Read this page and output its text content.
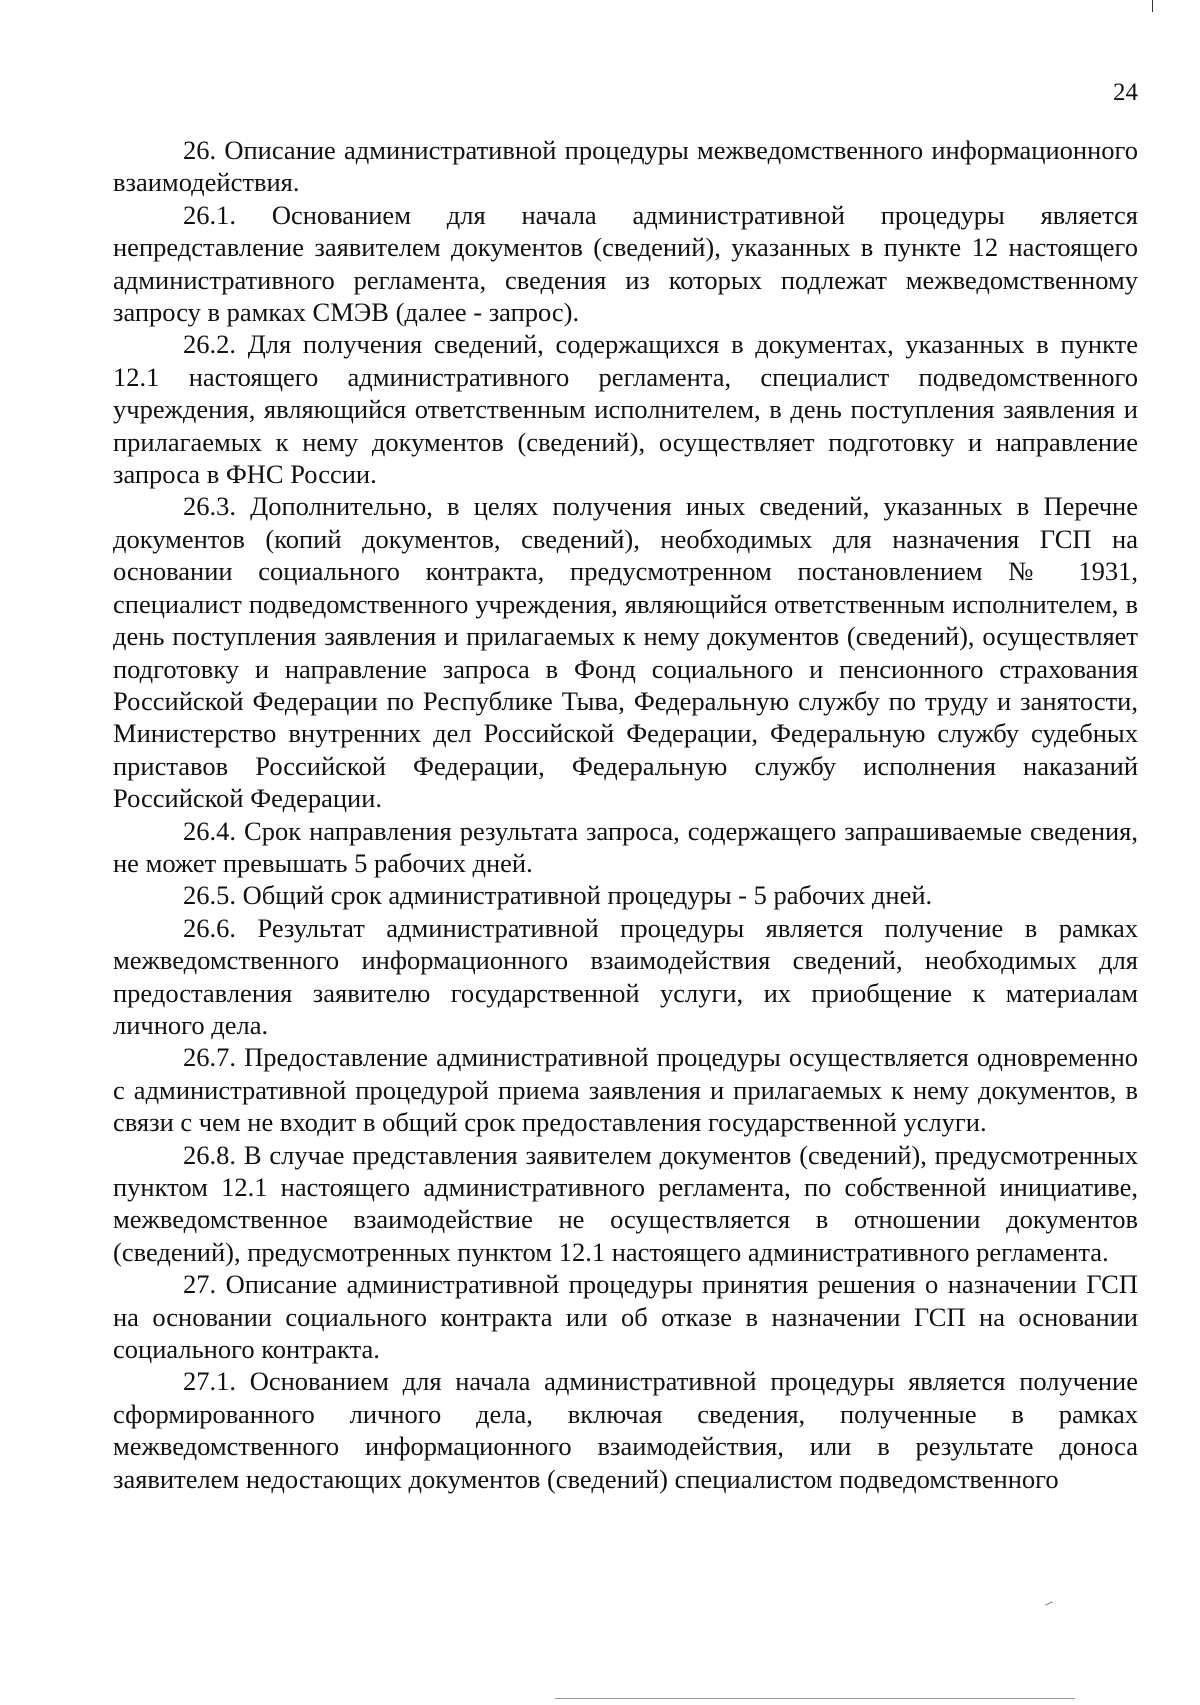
24

26. Описание административной процедуры межведомственного информационного взаимодействия.

26.1. Основанием для начала административной процедуры является непредставление заявителем документов (сведений), указанных в пункте 12 настоящего административного регламента, сведения из которых подлежат межведомственному запросу в рамках СМЭВ (далее - запрос).

26.2. Для получения сведений, содержащихся в документах, указанных в пункте 12.1 настоящего административного регламента, специалист подведомственного учреждения, являющийся ответственным исполнителем, в день поступления заявления и прилагаемых к нему документов (сведений), осуществляет подготовку и направление запроса в ФНС России.

26.3. Дополнительно, в целях получения иных сведений, указанных в Перечне документов (копий документов, сведений), необходимых для назначения ГСП на основании социального контракта, предусмотренном постановлением № 1931, специалист подведомственного учреждения, являющийся ответственным исполнителем, в день поступления заявления и прилагаемых к нему документов (сведений), осуществляет подготовку и направление запроса в Фонд социального и пенсионного страхования Российской Федерации по Республике Тыва, Федеральную службу по труду и занятости, Министерство внутренних дел Российской Федерации, Федеральную службу судебных приставов Российской Федерации, Федеральную службу исполнения наказаний Российской Федерации.

26.4. Срок направления результата запроса, содержащего запрашиваемые сведения, не может превышать 5 рабочих дней.

26.5. Общий срок административной процедуры - 5 рабочих дней.

26.6. Результат административной процедуры является получение в рамках межведомственного информационного взаимодействия сведений, необходимых для предоставления заявителю государственной услуги, их приобщение к материалам личного дела.

26.7. Предоставление административной процедуры осуществляется одновременно с административной процедурой приема заявления и прилагаемых к нему документов, в связи с чем не входит в общий срок предоставления государственной услуги.

26.8. В случае представления заявителем документов (сведений), предусмотренных пунктом 12.1 настоящего административного регламента, по собственной инициативе, межведомственное взаимодействие не осуществляется в отношении документов (сведений), предусмотренных пунктом 12.1 настоящего административного регламента.

27. Описание административной процедуры принятия решения о назначении ГСП на основании социального контракта или об отказе в назначении ГСП на основании социального контракта.

27.1. Основанием для начала административной процедуры является получение сформированного личного дела, включая сведения, полученные в рамках межведомственного информационного взаимодействия, или в результате доноса заявителем недостающих документов (сведений) специалистом подведомственного
